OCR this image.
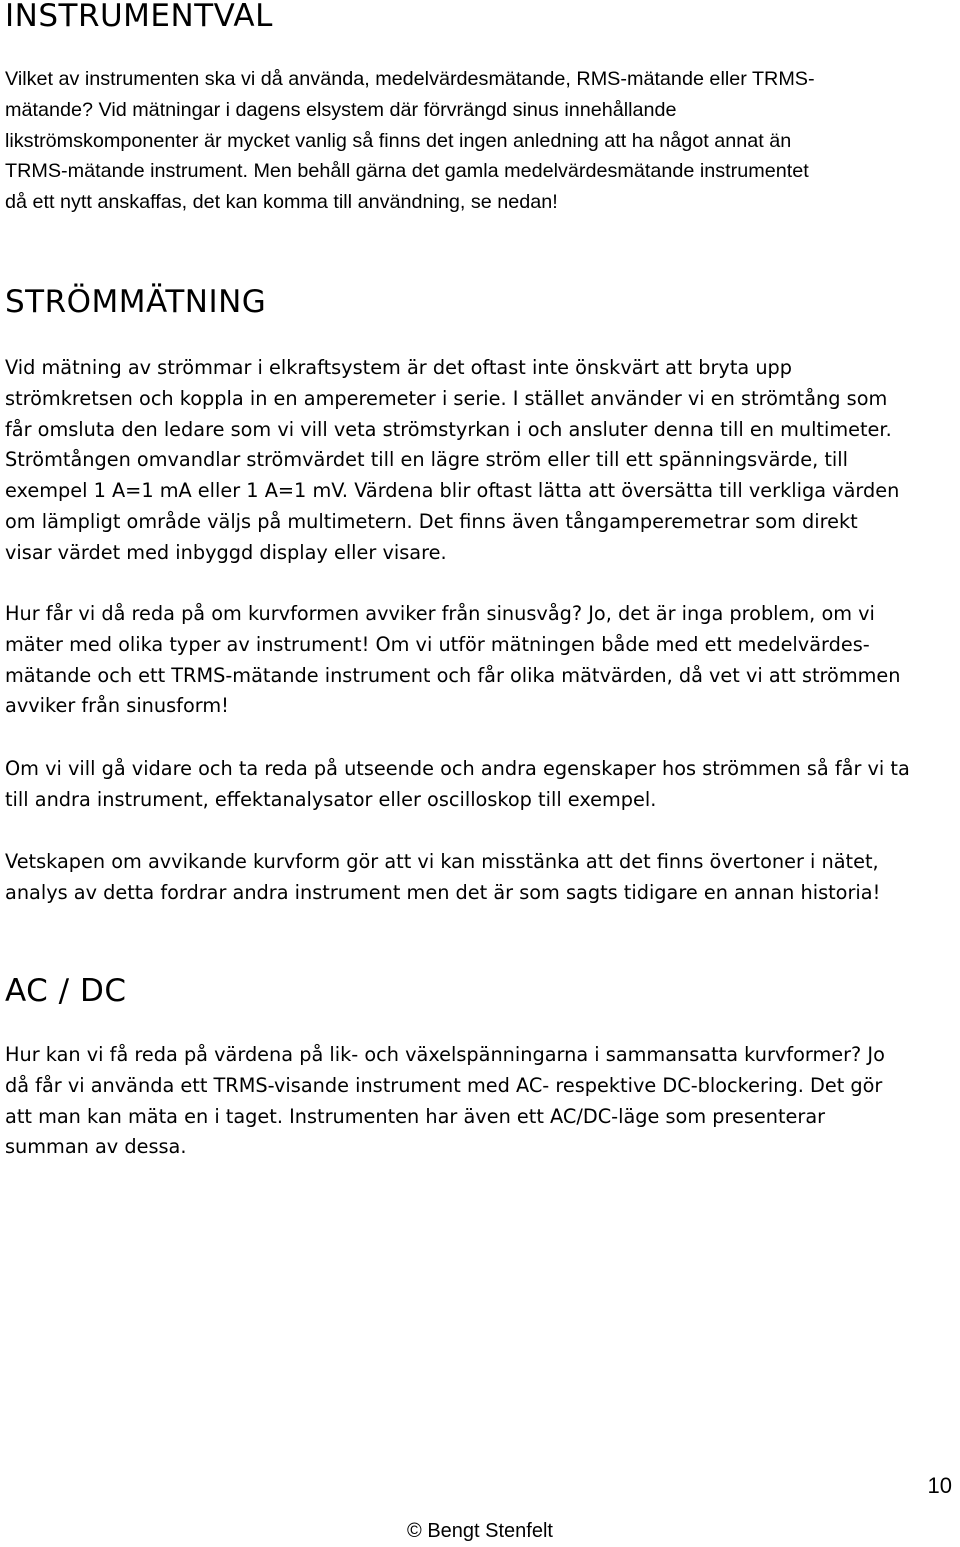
INSTRUMENTVAL

Vilket av instrumenten ska vi då använda, medelvärdesmätande, RMS-mätande eller TRMS-
mätande? Vid mätningar i dagens elsystem där förvrängd sinus innehållande
likströmskomponenter är mycket vanlig så finns det ingen anledning att ha något annat än
TRMS-mätande instrument. Men behåll gärna det gamla medelvärdesmätande instrumentet
då ett nytt anskaffas, det kan komma till användning, se nedan!

STRÖMMÄTNING

Vid mätning av strömmar i elkraftsystem är det oftast inte önskvärt att bryta upp
strömkretsen och koppla in en amperemeter i serie. I stället använder vi en strömtång som
får omsluta den ledare som vi vill veta strömstyrkan i och ansluter denna till en multimeter.
Strömtången omvandlar strömvärdet till en lägre ström eller till ett spänningsvärde, till
exempel 1 A=1 mA eller 1 A=1 mV. Värdena blir oftast lätta att översätta till verkliga värden
om lämpligt område väljs på multimetern. Det finns även tångamperemetrar som direkt
visar värdet med inbyggd display eller visare.

Hur får vi då reda på om kurvformen avviker från sinusvåg? Jo, det är inga problem, om vi
mäter med olika typer av instrument! Om vi utför mätningen både med ett medelvärdes-
mätande och ett TRMS-mätande instrument och får olika mätvärden, då vet vi att strömmen
avviker från sinusform!

Om vi vill gå vidare och ta reda på utseende och andra egenskaper hos strömmen så får vi ta
till andra instrument, effektanalysator eller oscilloskop till exempel.

Vetskapen om avvikande kurvform gör att vi kan misstänka att det finns övertoner i nätet,
analys av detta fordrar andra instrument men det är som sagts tidigare en annan historia!

AC / DC

Hur kan vi få reda på värdena på lik- och växelspänningarna i sammansatta kurvformer? Jo
då får vi använda ett TRMS-visande instrument med AC- respektive DC-blockering. Det gör
att man kan mäta en i taget. Instrumenten har även ett AC/DC-läge som presenterar
summan av dessa.

10
© Bengt Stenfelt
